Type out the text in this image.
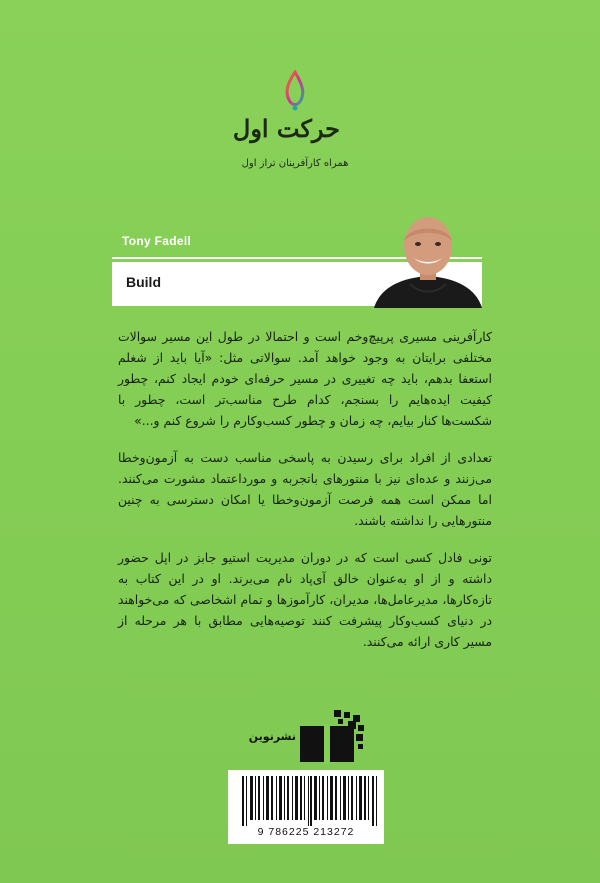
حرکت اول
همراه کارآفرینان تراز اول
Tony Fadell
Build

کارآفرینی مسیری پرپیچ‌وخم است و احتمالا در طول این مسیر سوالات مختلفی برایتان به وجود خواهد آمد. سوالاتی مثل: «آیا باید از شغلم استعفا بدهم، باید چه تغییری در مسیر حرفه‌ای خودم ایجاد کنم، چطور کیفیت ایده‌هایم را بسنجم، کدام طرح مناسب‌تر است، چطور با شکست‌ها کنار بیایم، چه زمان و چطور کسب‌وکارم را شروع کنم و...»

تعدادی از افراد برای رسیدن به پاسخی مناسب دست به آزمون‌وخطا می‌زنند و عده‌ای نیز با منتورهای باتجربه و مورداعتماد مشورت می‌کنند. اما ممکن است همه فرصت آزمون‌وخطا یا امکان دسترسی به چنین منتورهایی را نداشته باشند.

تونی فادل کسی است که در دوران مدیریت استیو جابز در اپل حضور داشته و از او به‌عنوان خالق آی‌پاد نام می‌برند. او در این کتاب به تازه‌کارها، مدیرعامل‌ها، مدیران، کارآموزها و تمام اشخاصی که می‌خواهند در دنیای کسب‌وکار پیشرفت کنند توصیه‌هایی مطابق با هر مرحله از مسیر کاری ارائه می‌کنند.

نشرنوین
9 786225 213272
